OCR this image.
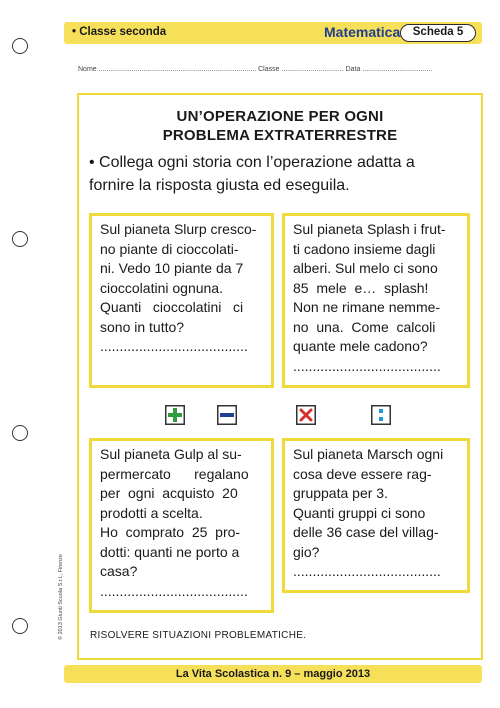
• Classe seconda	Matematica	Scheda 5
Nome ................................................................................. Classe ................................ Data ....................................
UN’OPERAZIONE PER OGNI
PROBLEMA EXTRATERRESTRE
• Collega ogni storia con l’operazione adatta a
fornire la risposta giusta ed eseguila.
Sul pianeta Slurp cresco-
no piante di cioccolati-
ni. Vedo 10 piante da 7
cioccolatini ognuna.
Quanti   cioccolatini   ci
sono in tutto?
......................................
Sul pianeta Splash i frut-
ti cadono insieme dagli
alberi. Sul melo ci sono
85  mele  e…  splash!
Non ne rimane nemme-
no  una.  Come  calcoli
quante mele cadono?
......................................
Sul pianeta Gulp al su-
permercato      regalano
per  ogni  acquisto  20
prodotti a scelta.
Ho  comprato  25  pro-
dotti: quanti ne porto a
casa?
......................................
Sul pianeta Marsch ogni
cosa deve essere rag-
gruppata per 3.
Quanti gruppi ci sono
delle 36 case del villag-
gio?
......................................
RISOLVERE SITUAZIONI PROBLEMATICHE.
© 2013 Giunti Scuola S.r.l., Firenze
La Vita Scolastica n. 9 – maggio 2013
